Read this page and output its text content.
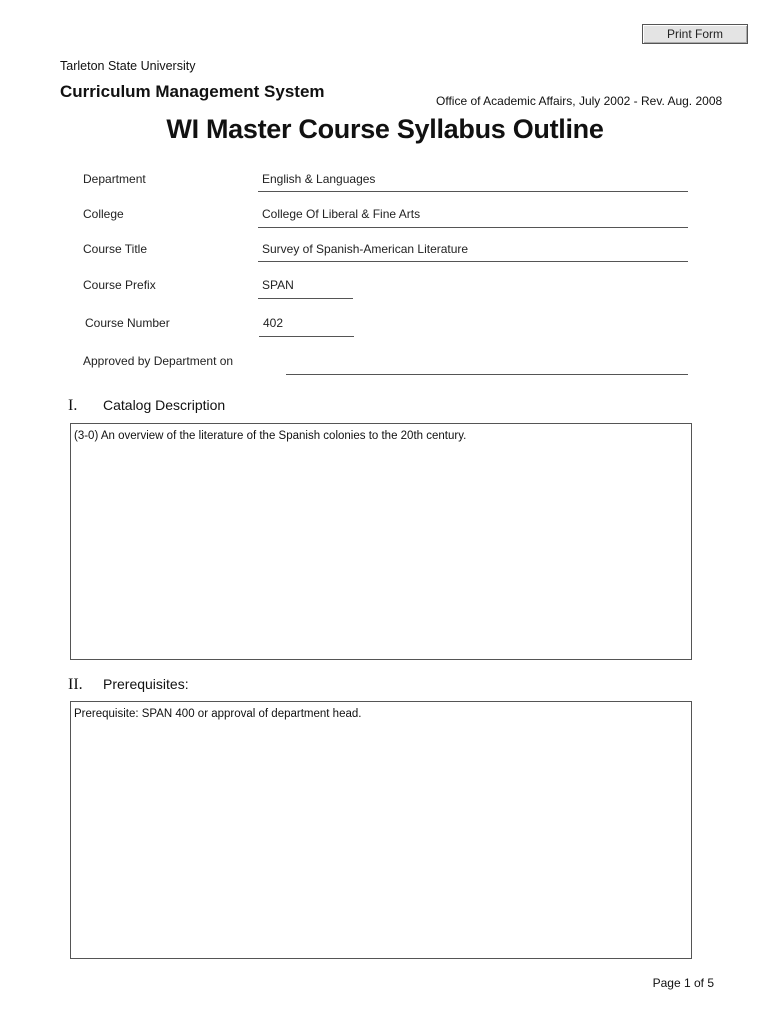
Print Form
Tarleton State University
Curriculum Management System	Office of Academic Affairs, July 2002 - Rev. Aug. 2008
WI Master Course Syllabus Outline
Department	English & Languages
College	College Of Liberal & Fine Arts
Course Title	Survey of Spanish-American Literature
Course Prefix	SPAN
Course Number	402
Approved by Department on
I. Catalog Description
(3-0) An overview of the literature of the Spanish colonies to the 20th century.
II. Prerequisites:
Prerequisite: SPAN 400 or approval of department head.
Page 1 of 5
